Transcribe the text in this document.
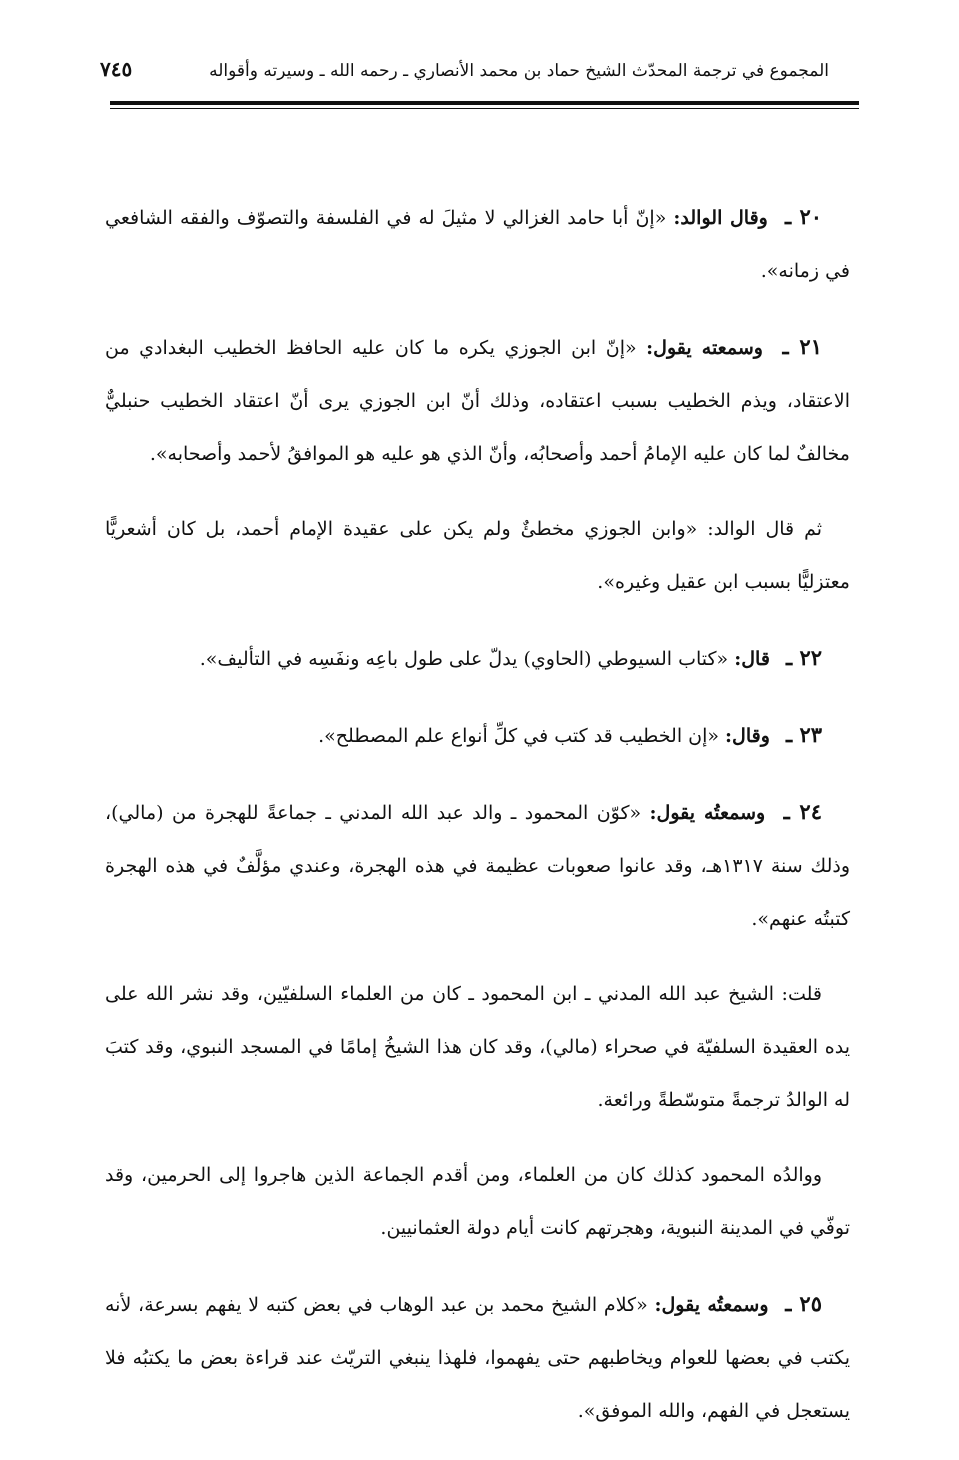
المجموع في ترجمة المحدّث الشيخ حماد بن محمد الأنصاري ـ رحمه الله ـ وسيرته وأقواله
٧٤٥

٢٠ ـ وقال الوالد: «إنّ أبا حامد الغزالي لا مثيلَ له في الفلسفة والتصوّف والفقه الشافعي في زمانه».

٢١ ـ وسمعته يقول: «إنّ ابن الجوزي يكره ما كان عليه الحافظ الخطيب البغدادي من الاعتقاد، ويذم الخطيب بسبب اعتقاده، وذلك أنّ ابن الجوزي يرى أنّ اعتقاد الخطيب حنبليٌّ مخالفٌ لما كان عليه الإمامُ أحمد وأصحابُه، وأنّ الذي هو عليه هو الموافقُ لأحمد وأصحابه».

ثم قال الوالد: «وابن الجوزي مخطئٌ ولم يكن على عقيدة الإمام أحمد، بل كان أشعريًّا معتزليًّا بسبب ابن عقيل وغيره».

٢٢ ـ قال: «كتاب السيوطي (الحاوي) يدلّ على طول باعِه ونفَسِه في التأليف».

٢٣ ـ وقال: «إن الخطيب قد كتب في كلِّ أنواع علم المصطلح».

٢٤ ـ وسمعتُه يقول: «كوّن المحمود ـ والد عبد الله المدني ـ جماعةً للهجرة من (مالي)، وذلك سنة ١٣١٧هـ، وقد عانوا صعوبات عظيمة في هذه الهجرة، وعندي مؤلَّفٌ في هذه الهجرة كتبتُه عنهم».

قلت: الشيخ عبد الله المدني ـ ابن المحمود ـ كان من العلماء السلفيّين، وقد نشر الله على يده العقيدة السلفيّة في صحراء (مالي)، وقد كان هذا الشيخُ إمامًا في المسجد النبوي، وقد كتبَ له الوالدُ ترجمةً متوسّطةً ورائعة.

ووالدُه المحمود كذلك كان من العلماء، ومن أقدم الجماعة الذين هاجروا إلى الحرمين، وقد توفّي في المدينة النبوية، وهجرتهم كانت أيام دولة العثمانيين.

٢٥ ـ وسمعتُه يقول: «كلام الشيخ محمد بن عبد الوهاب في بعض كتبه لا يفهم بسرعة، لأنه يكتب في بعضها للعوام ويخاطبهم حتى يفهموا، فلهذا ينبغي التريّث عند قراءة بعض ما يكتبُه فلا يستعجل في الفهم، والله الموفق».
